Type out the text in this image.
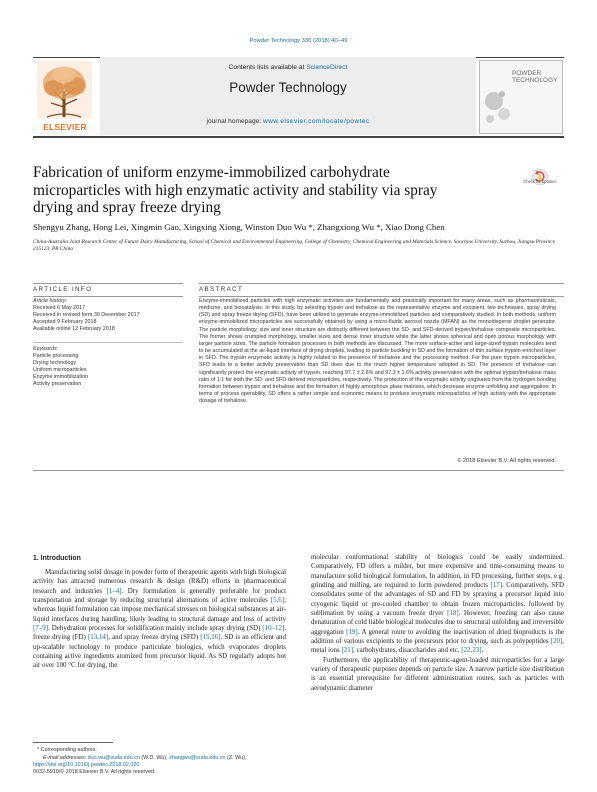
Powder Technology 330 (2018) 40–49
ELSEVIER
Contents lists available at ScienceDirect
Powder Technology
journal homepage: www.elsevier.com/locate/powtec
POWDER TECHNOLOGY
Fabrication of uniform enzyme-immobilized carbohydrate microparticles with high enzymatic activity and stability via spray drying and spray freeze drying
Check for updates
Shengyu Zhang, Hong Lei, Xingmin Gao, Xingxing Xiong, Winston Duo Wu *, Zhangxiong Wu *, Xiao Dong Chen
China-Australia Joint Research Center of Future Dairy Manufacturing, School of Chemical and Environmental Engineering, College of Chemistry, Chemical Engineering and Materials Science, Soochow University, Suzhou, Jiangsu Province 215123, PR China
ARTICLE INFO
Article history:
Received 6 May 2017
Received in revised form 30 December 2017
Accepted 9 February 2018
Available online 12 February 2018
Keywords:
Particle processing
Drying technology
Uniform microparticles
Enzyme immobilization
Activity preservation
ABSTRACT
Enzyme-immobilized particles with high enzymatic activities are fundamentally and practically important for many areas, such as pharmaceuticals, medicine, and biocatalysis. In this study, by selecting trypsin and trehalose as the representative enzyme and excipient, two techniques, spray drying (SD) and spray freeze drying (SFD), have been utilized to generate enzyme-immobilized particles and comparatively studied. In both methods, uniform enzyme-immobilized microparticles are successfully obtained by using a micro-fluidic aerosol nozzle (MFAN) as the monodisperse droplet generator. The particle morphology, size and inner structure are distinctly different between the SD- and SFD-derived trypsin/trehalose composite microparticles. The former shows crumpled morphology, smaller sizes and dense inner structure while the latter shows spherical and open porous morphology with larger particle sizes. The particle formation processes in both methods are discussed. The more surface-active and large-sized trypsin molecules tend to be accumulated at the air-liquid interface of drying droplets, leading to particle buckling in SD and the formation of thin surface trypsin-enriched layer in SFD. The trypsin enzymatic activity is highly related to the presence of trehalose and the processing method. For the pure trypsin microparticles, SFD leads to a better activity preservation than SD does due to the much higher temperature adopted in SD. The presence of trehalose can significantly protect the enzymatic activity of trypsin, reaching 97.7 ± 2.6% and 97.3 ± 1.6% activity preservation with the optimal trypsin/trehalose mass ratio of 1:1 for both the SD- and SFD-derived microparticles, respectively. The protection of the enzymatic activity originates from the hydrogen bonding formation between trypsin and trehalose and the formation of highly amorphous glass matrices, which decrease enzyme unfolding and aggregation. In terms of process operability, SD offers a rather simple and economic means to produce enzymatic microparticles of high activity with the appropriate dosage of trehalose.
© 2018 Elsevier B.V. All rights reserved.
1. Introduction

Manufacturing solid dosage in powder form of therapeutic agents with high biological activity has attracted numerous research & design (R&D) efforts in pharmaceutical research and industries [1–4]. Dry formulation is generally preferable for product transportation and storage by reducing structural alternations of active molecules [5,6]; whereas liquid formulation can impose mechanical stresses on biological substances at air-liquid interfaces during handling, likely leading to structural damage and loss of activity [7–9]. Dehydration processes for solidification mainly include spray drying (SD) [10–12], freeze drying (FD) [13,14], and spray freeze drying (SFD) [15,16]. SD is an efficient and up-scalable technology to produce particulate biologics, which evaporates droplets containing active ingredients atomized from precursor liquid. As SD regularly adopts hot air over 100 °C for drying, the

molecular conformational stability of biologics could be easily undermined. Comparatively, FD offers a milder, but more expensive and time-consuming means to manufacture solid biological formulation. In addition, in FD processing, further steps, e.g. grinding and milling, are required to form powdered products [17]. Comparatively, SFD consolidates some of the advantages of SD and FD by spraying a precursor liquid into cryogenic liquid or pre-cooled chamber to obtain frozen microparticles, followed by sublimation by using a vacuum freeze dryer [18]. However, freezing can also cause denaturation of cold liable biological molecules due to structural unfolding and irreversible aggregation [19]. A general route to avoiding the inactivation of dried bioproducts is the addition of various excipients to the precursors prior to drying, such as polypeptides [20], metal ions [21], carbohydrates, disaccharides and etc. [22,23].

Furthermore, the applicability of therapeutic-agent-loaded microparticles for a large variety of therapeutic purposes depends on particle size. A narrow particle size distribution is an essential prerequisite for different administration routes, such as particles with aerodynamic diameter

* Corresponding authors.
E-mail addresses: duo.wu@suda.edu.cn (W.D. Wu), zhangwu@suda.edu.cn (Z. Wu).
https://doi.org/10.1016/j.powtec.2018.02.020
0032-5910/© 2018 Elsevier B.V. All rights reserved.
